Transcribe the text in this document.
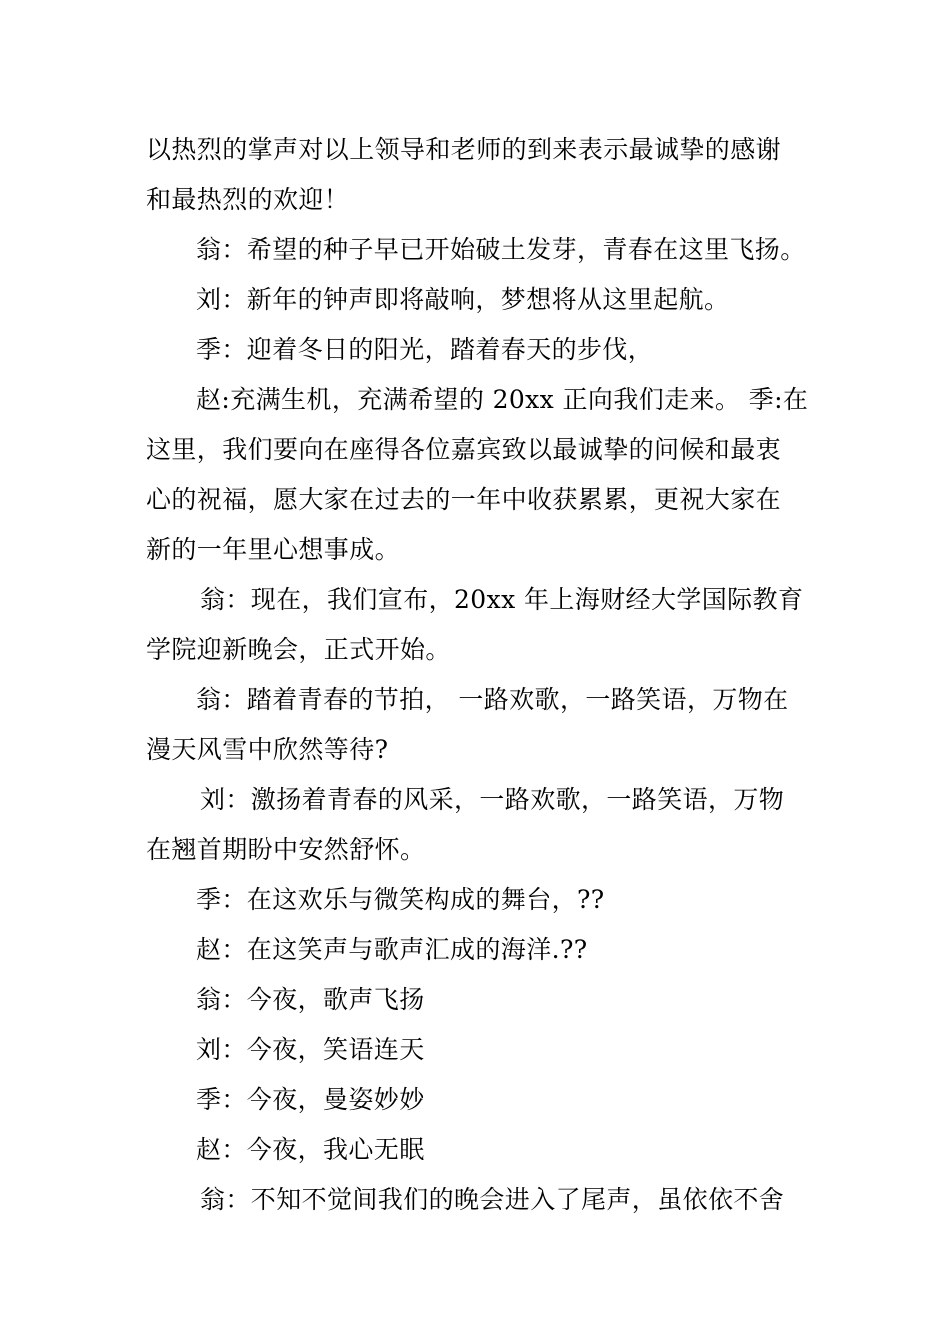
以热烈的掌声对以上领导和老师的到来表示最诚挚的感谢
和最热烈的欢迎！
翁：希望的种子早已开始破土发芽，青春在这里飞扬。
刘：新年的钟声即将敲响，梦想将从这里起航。
季：迎着冬日的阳光，踏着春天的步伐，
赵:充满生机，充满希望的 20xx 正向我们走来。 季:在
这里，我们要向在座得各位嘉宾致以最诚挚的问候和最衷
心的祝福，愿大家在过去的一年中收获累累，更祝大家在
新的一年里心想事成。
翁：现在，我们宣布，20xx 年上海财经大学国际教育
学院迎新晚会，正式开始。
翁：踏着青春的节拍， 一路欢歌，一路笑语，万物在
漫天风雪中欣然等待?
刘：激扬着青春的风采，一路欢歌，一路笑语，万物
在翘首期盼中安然舒怀。
季：在这欢乐与微笑构成的舞台，??
赵：在这笑声与歌声汇成的海洋.??
翁：今夜，歌声飞扬
刘：今夜，笑语连天
季：今夜，曼姿妙妙
赵：今夜，我心无眠
翁：不知不觉间我们的晚会进入了尾声，虽依依不舍
